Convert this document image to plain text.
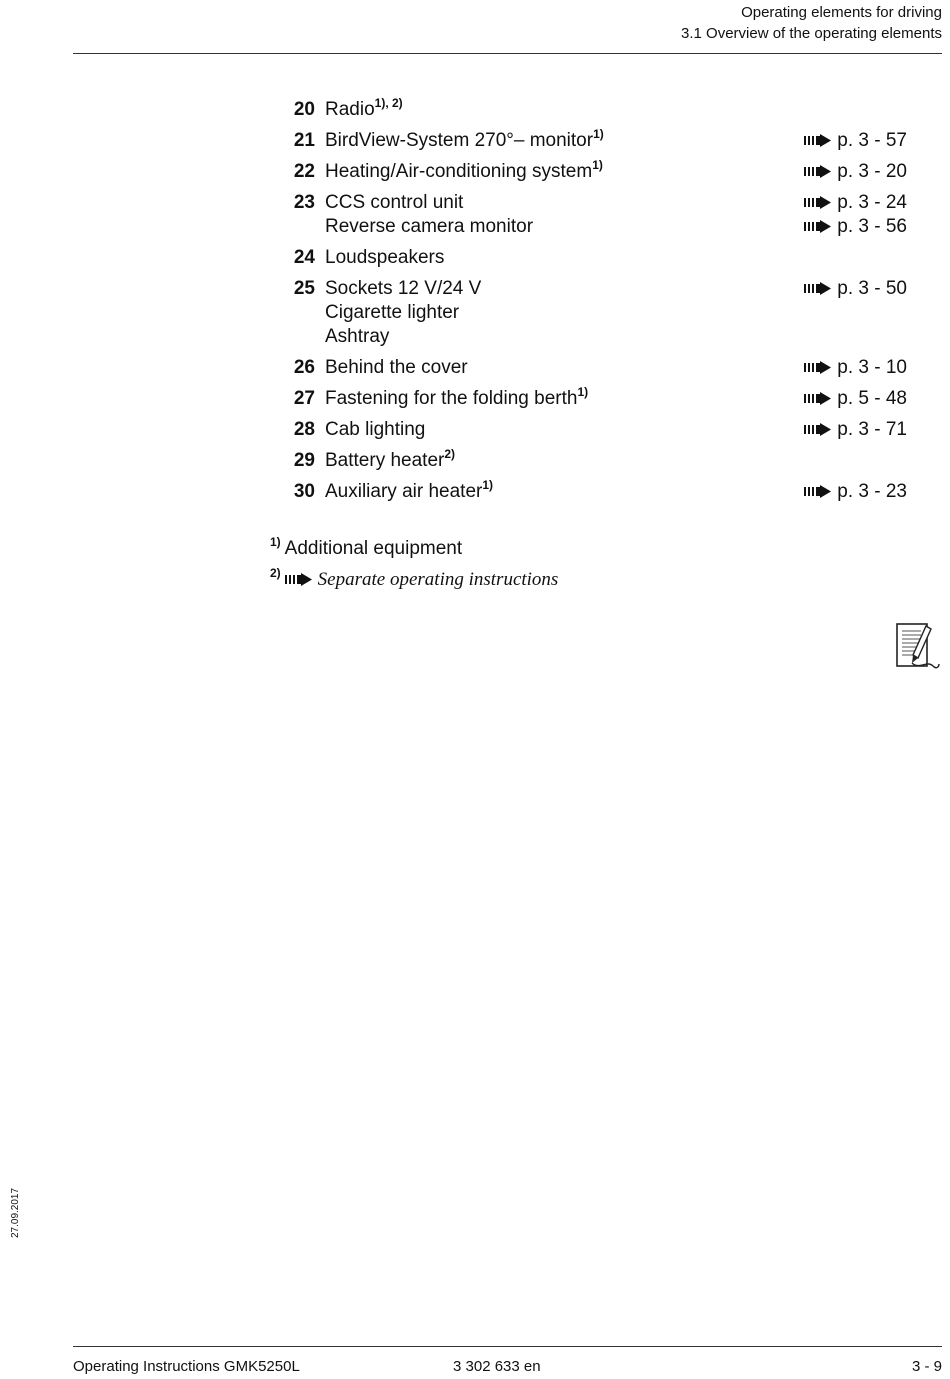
Operating elements for driving
3.1 Overview of the operating elements
20 Radio$^{1), 2)}$
21 BirdView-System 270°– monitor$^{1)}$	p. 3 - 57
22 Heating/Air-conditioning system$^{1)}$	p. 3 - 20
23 CCS control unit	p. 3 - 24
Reverse camera monitor	p. 3 - 56
24 Loudspeakers
25 Sockets 12 V/24 V	p. 3 - 50
Cigarette lighter
Ashtray
26 Behind the cover	p. 3 - 10
27 Fastening for the folding berth$^{1)}$	p. 5 - 48
28 Cab lighting	p. 3 - 71
29 Battery heater$^{2)}$
30 Auxiliary air heater$^{1)}$	p. 3 - 23
$^{1)}$ Additional equipment
$^{2)}$ Separate operating instructions
27.09.2017
Operating Instructions GMK5250L	3 302 633 en	3 - 9
